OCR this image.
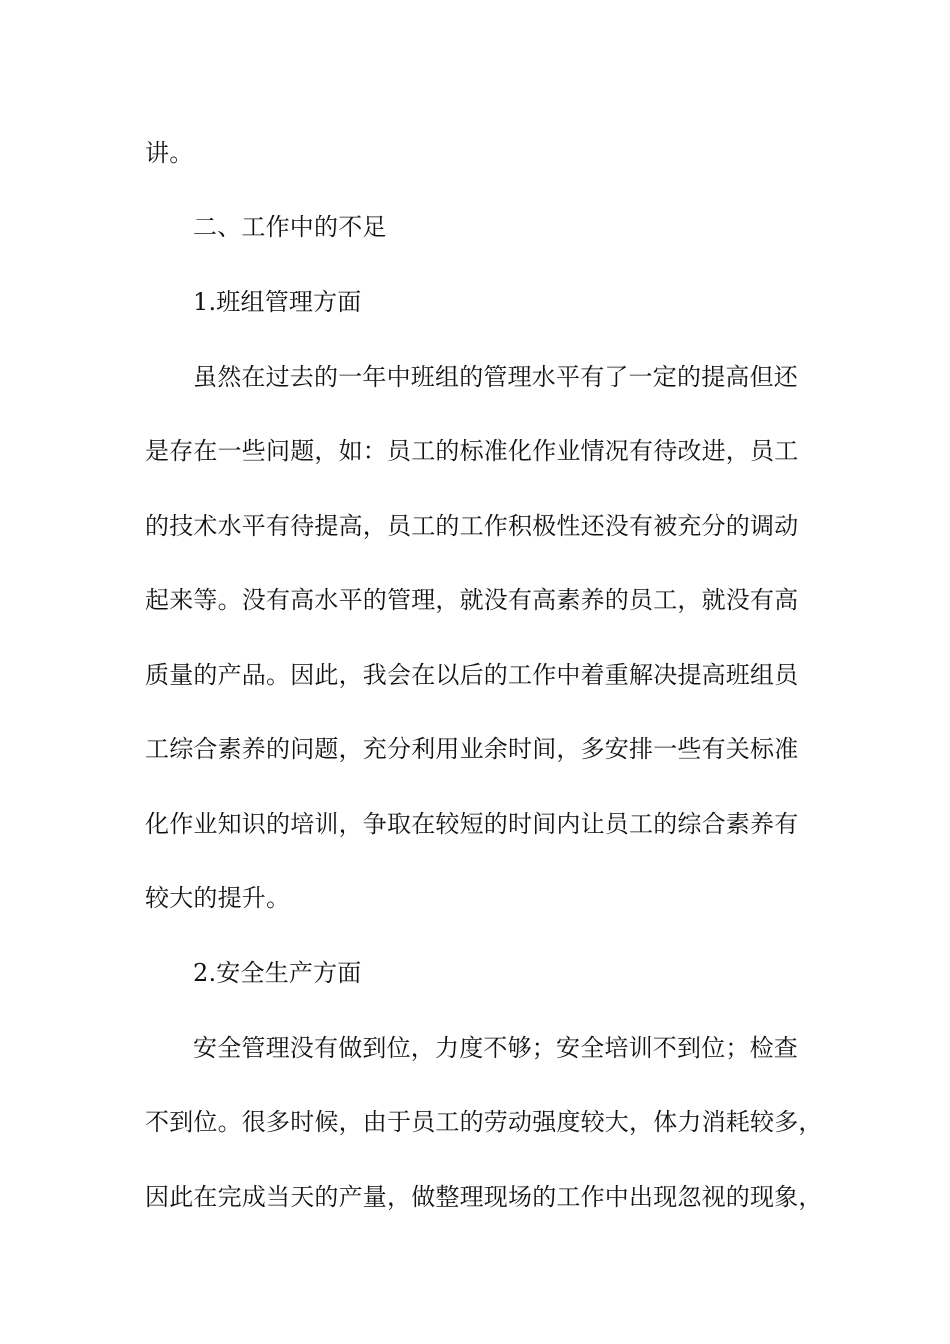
讲。
二、工作中的不足
1.班组管理方面
虽然在过去的一年中班组的管理水平有了一定的提高但还
是存在一些问题，如：员工的标准化作业情况有待改进，员工
的技术水平有待提高，员工的工作积极性还没有被充分的调动
起来等。没有高水平的管理，就没有高素养的员工，就没有高
质量的产品。因此，我会在以后的工作中着重解决提高班组员
工综合素养的问题，充分利用业余时间，多安排一些有关标准
化作业知识的培训，争取在较短的时间内让员工的综合素养有
较大的提升。
2.安全生产方面
安全管理没有做到位，力度不够；安全培训不到位；检查
不到位。很多时候，由于员工的劳动强度较大，体力消耗较多，
因此在完成当天的产量，做整理现场的工作中出现忽视的现象，
